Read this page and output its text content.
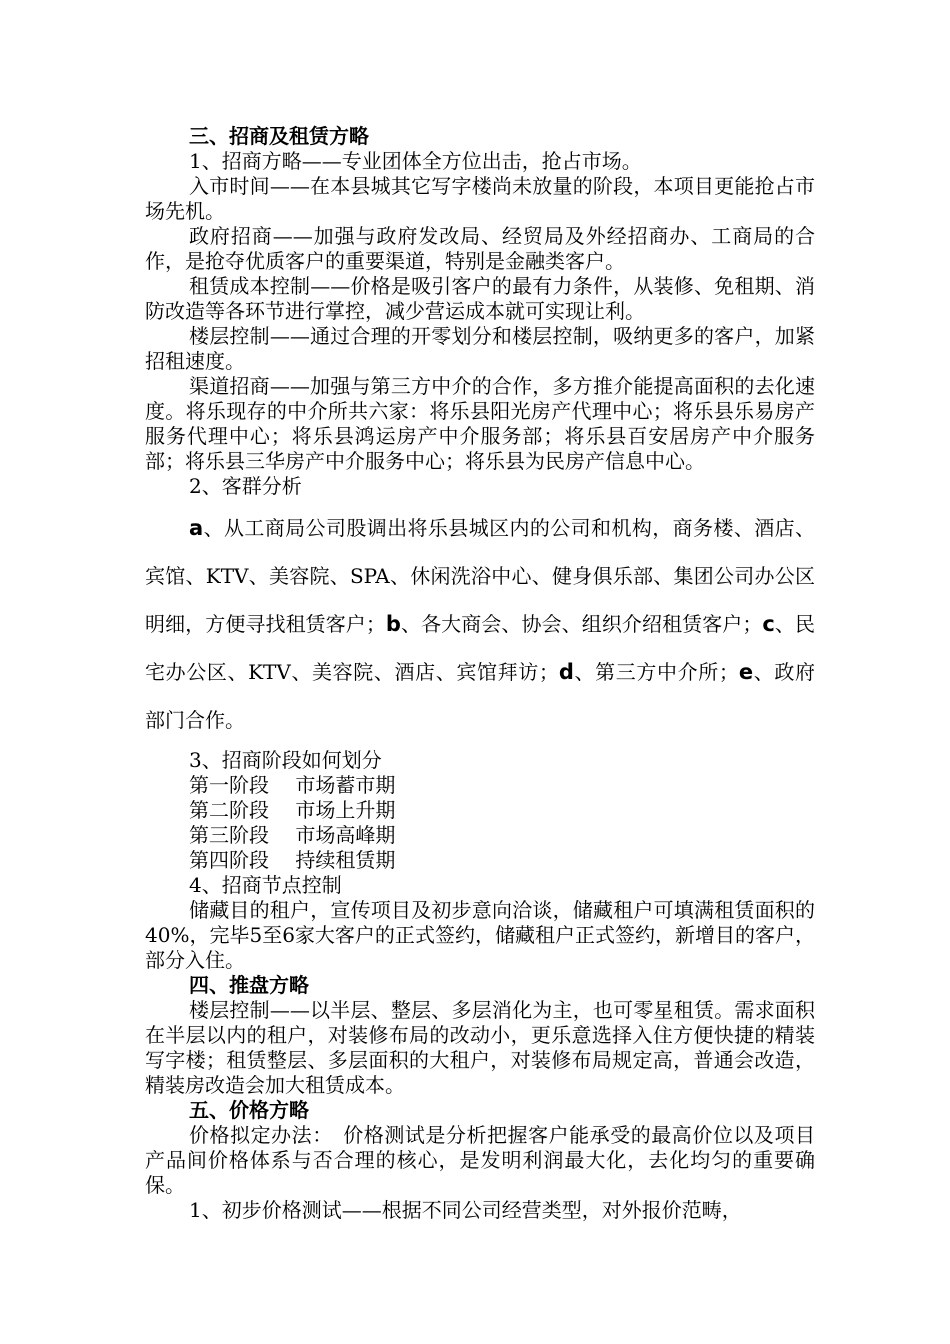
三、招商及租赁方略

1、招商方略——专业团体全方位出击，抢占市场。

入市时间——在本县城其它写字楼尚未放量的阶段，本项目更能抢占市场先机。

政府招商——加强与政府发改局、经贸局及外经招商办、工商局的合作，是抢夺优质客户的重要渠道，特别是金融类客户。

租赁成本控制——价格是吸引客户的最有力条件，从装修、免租期、消防改造等各环节进行掌控，减少营运成本就可实现让利。

楼层控制——通过合理的开零划分和楼层控制，吸纳更多的客户，加紧招租速度。

渠道招商——加强与第三方中介的合作，多方推介能提高面积的去化速度。将乐现存的中介所共六家：将乐县阳光房产代理中心；将乐县乐易房产服务代理中心；将乐县鸿运房产中介服务部；将乐县百安居房产中介服务部；将乐县三华房产中介服务中心；将乐县为民房产信息中心。

2、客群分析

a、从工商局公司股调出将乐县城区内的公司和机构，商务楼、酒店、宾馆、KTV、美容院、SPA、休闲洗浴中心、健身俱乐部、集团公司办公区明细，方便寻找租赁客户；b、各大商会、协会、组织介绍租赁客户；c、民宅办公区、KTV、美容院、酒店、宾馆拜访；d、第三方中介所；e、政府部门合作。

3、招商阶段如何划分

第一阶段　 市场蓄市期

第二阶段　 市场上升期

第三阶段　 市场高峰期

第四阶段　 持续租赁期

4、招商节点控制

储藏目的租户，宣传项目及初步意向洽谈，储藏租户可填满租赁面积的40%，完毕5至6家大客户的正式签约，储藏租户正式签约，新增目的客户，部分入住。

四、推盘方略

楼层控制——以半层、整层、多层消化为主，也可零星租赁。需求面积在半层以内的租户，对装修布局的改动小，更乐意选择入住方便快捷的精装写字楼；租赁整层、多层面积的大租户，对装修布局规定高，普通会改造，精装房改造会加大租赁成本。

五、价格方略

价格拟定办法：　价格测试是分析把握客户能承受的最高价位以及项目产品间价格体系与否合理的核心，是发明利润最大化，去化均匀的重要确保。

1、初步价格测试——根据不同公司经营类型，对外报价范畴，
